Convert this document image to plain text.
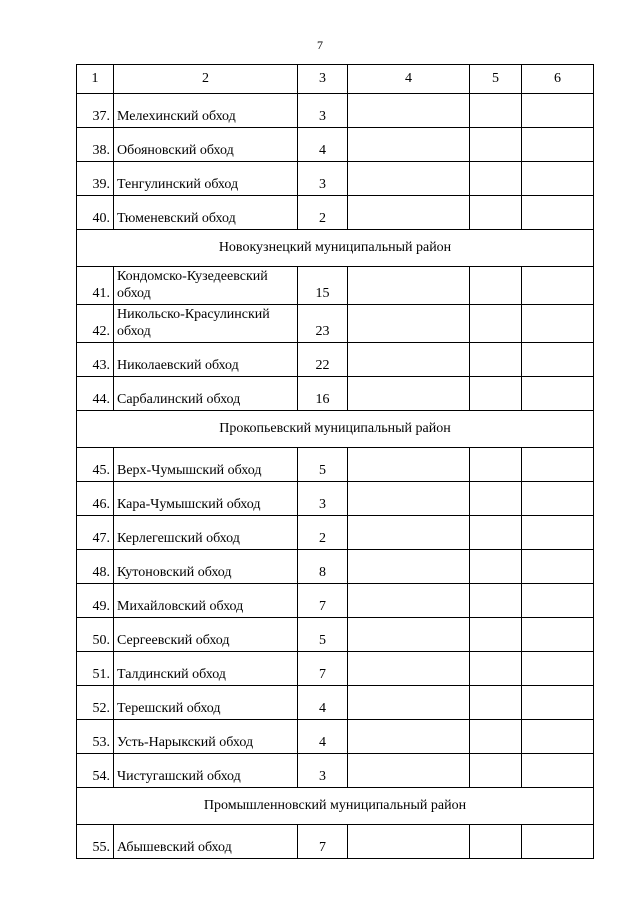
7
1	2	3	4	5	6
37.	Мелехинский обход	3			
38.	Обояновский обход	4			
39.	Тенгулинский обход	3			
40.	Тюменевский обход	2			
Новокузнецкий муниципальный район					
41.	Кондомско-Кузедеевский обход	15			
42.	Никольско-Красулинский обход	23			
43.	Николаевский обход	22			
44.	Сарбалинский обход	16			
Прокопьевский муниципальный район					
45.	Верх-Чумышский обход	5			
46.	Кара-Чумышский обход	3			
47.	Керлегешский обход	2			
48.	Кутоновский обход	8			
49.	Михайловский обход	7			
50.	Сергеевский обход	5			
51.	Талдинский обход	7			
52.	Терешский обход	4			
53.	Усть-Нарыкский обход	4			
54.	Чистугашский обход	3			
Промышленновский муниципальный район					
55.	Абышевский обход	7			
